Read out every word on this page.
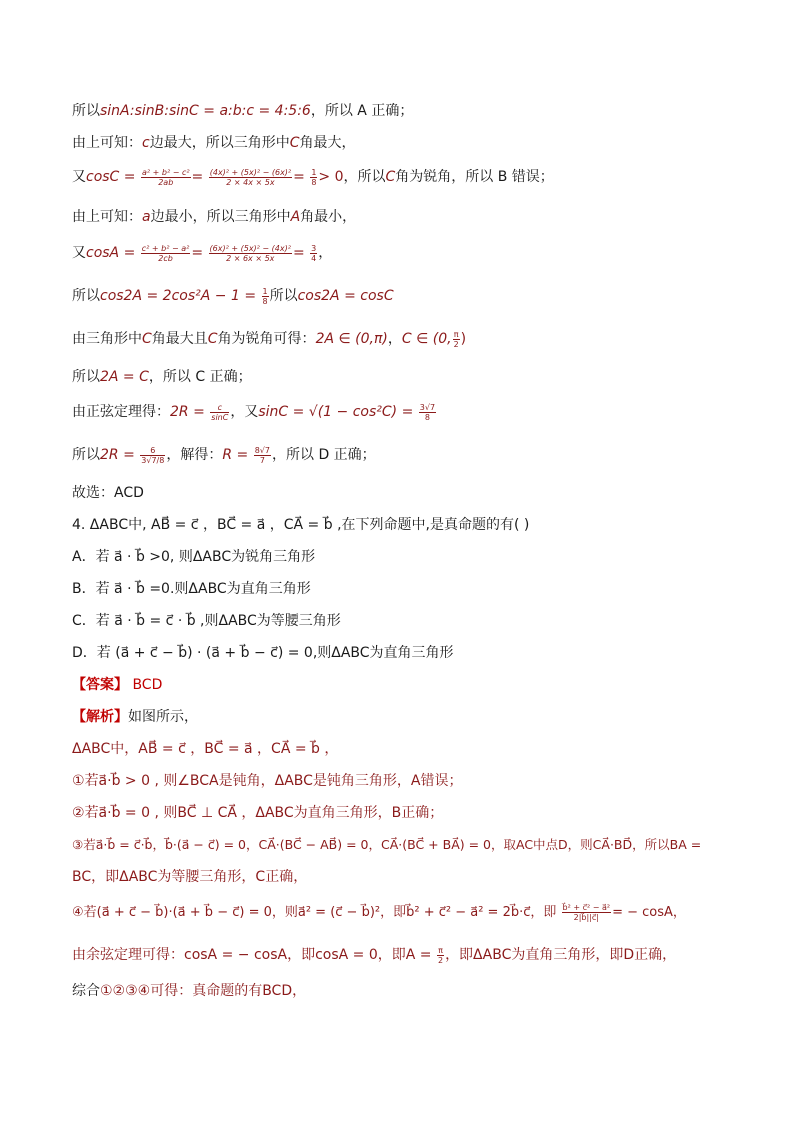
所以sinA:sinB:sinC = a:b:c = 4:5:6，所以 A 正确；
由上可知：c边最大，所以三角形中C角最大，
又$\cos C = \frac{\text{a² + b² − c²}}{2ab} = \frac{\text{(4x)² + (5x)² − (6x)²}}{2 \times 4x \times 5x} = \frac{1}{8} > 0$，所以C角为锐角，所以 B 错误；
由上可知：a边最小，所以三角形中A角最小，
又$\cos A = \frac{\text{c² + b² − a²}}{2cb} = \frac{\text{(6x)² + (5x)² − (4x)²}}{2 \times 6x \times 5x} = \frac{3}{4}$ ，
所以$\cos 2A = 2\cos^2A - 1 = \frac{1}{8}$ 所以cos2A = cosC
由三角形中C角最大且C角为锐角可得：2A ∈ (0,π)，C ∈ (0, $\frac{\pi}{2}$ )
所以2A = C，所以 C 正确；
由正弦定理得：$2R = \frac{c}{\sin C}$ ，又$\sin C = √(1 - \cos^2C) = \frac{3√7}{8}$
所以$2R = \frac{6}{3√7/8}$ ，解得：$R = \frac{8√7}{7}$ ，所以 D 正确；
故选：ACD
4. ΔABC中, AB⃗ = c⃗ ，BC⃗ = a⃗ ，CA⃗ = b⃗ ,在下列命题中,是真命题的有( )
A．若 a⃗ · b⃗ >0, 则ΔABC为锐角三角形
B．若 a⃗ · b⃗ =0.则ΔABC为直角三角形
C．若 a⃗ · b⃗ = c⃗ · b⃗ ,则ΔABC为等腰三角形
D．若 (a⃗ + c⃗ − b⃗) · (a⃗ + b⃗ − c⃗) = 0,则ΔABC为直角三角形
【答案】 BCD
【解析】如图所示，
ΔABC中，AB⃗ = c⃗ ，BC⃗ = a⃗ ，CA⃗ = b⃗ ，
①若a⃗·b⃗ > 0 , 则∠BCA是钝角，ΔABC是钝角三角形，A错误；
②若a⃗·b⃗ = 0 , 则BC⃗ ⊥ CA⃗ ，ΔABC为直角三角形，B正确；
③若a⃗·b⃗ = c⃗·b⃗，b⃗·(a⃗ − c⃗) = 0，CA⃗·(BC⃗ − AB⃗) = 0，CA⃗·(BC⃗ + BA⃗) = 0，取AC中点D，则CA⃗·BD⃗，所以BA =
BC，即ΔABC为等腰三角形，C正确，
④若(a⃗ + c⃗ − b⃗)·(a⃗ + b⃗ − c⃗) = 0，则a⃗² = (c⃗ − b⃗)²，即b⃗² + c⃗² − a⃗² = 2b⃗·c⃗，即 $\frac{\text{b⃗² + c⃗² − a⃗²}}{2|b⃗||c⃗|}$ = − cosA，
由余弦定理可得：cosA = − cosA，即cosA = 0，即$A = \frac{\pi}{2}$ ，即ΔABC为直角三角形，即D正确，
综合①②③④可得：真命题的有BCD，
